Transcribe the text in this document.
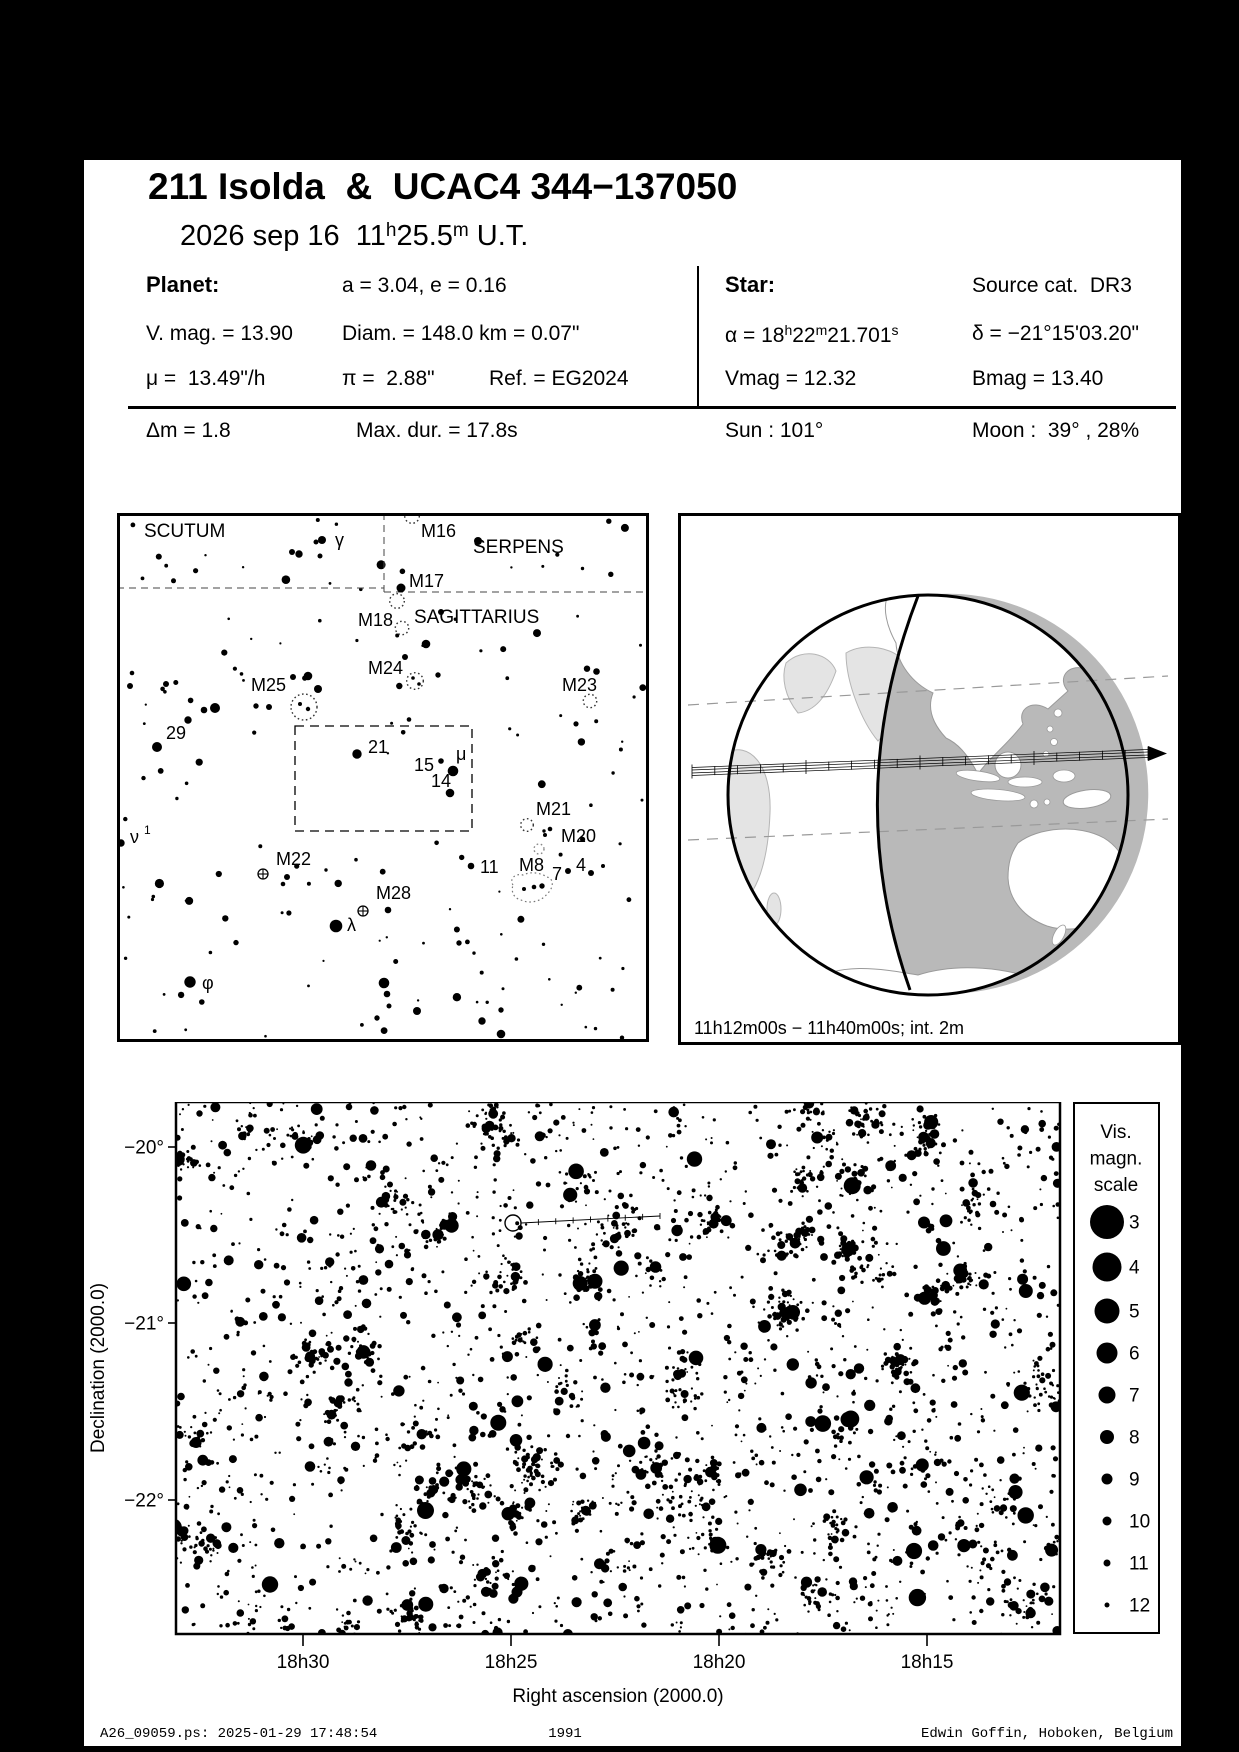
211 Isolda  &  UCAC4 344−137050
2026 sep 16  11$^h$25.5$^m$ U.T.
Planet:	a = 3.04, e = 0.16	Star:	Source cat.  DR3
V. mag. = 13.90 Diam. = 148.0 km = 0.07"	$\alpha = 18^h22^m21.701^s$	δ = −21°15'03.20"
μ =  13.49"/h	π =  2.88"	Ref. = EG2024	Vmag = 12.32	Bmag = 13.40
Δm = 1.8	Max. dur. = 17.8s	Sun : 101°	Moon :  39° , 28%
SCUTUM
SERPENS
SAGITTARIUS
M16
M17
M18
M24
M25	M23
M21
M20
M8
M22
M28
γ
29
21
15
μ
14
ν 1
11	7 4
λ
φ
11h12m00s − 11h40m00s; int. 2m
−20°
−21°
−22°
18h30	18h25	18h20	18h15
Right ascension (2000.0)
Declination (2000.0)
Vis.
magn.
scale
3
4
5
6
7
8
9
10
11
12
A26_09059.ps: 2025-01-29 17:48:54	1991	Edwin Goffin, Hoboken, Belgium
